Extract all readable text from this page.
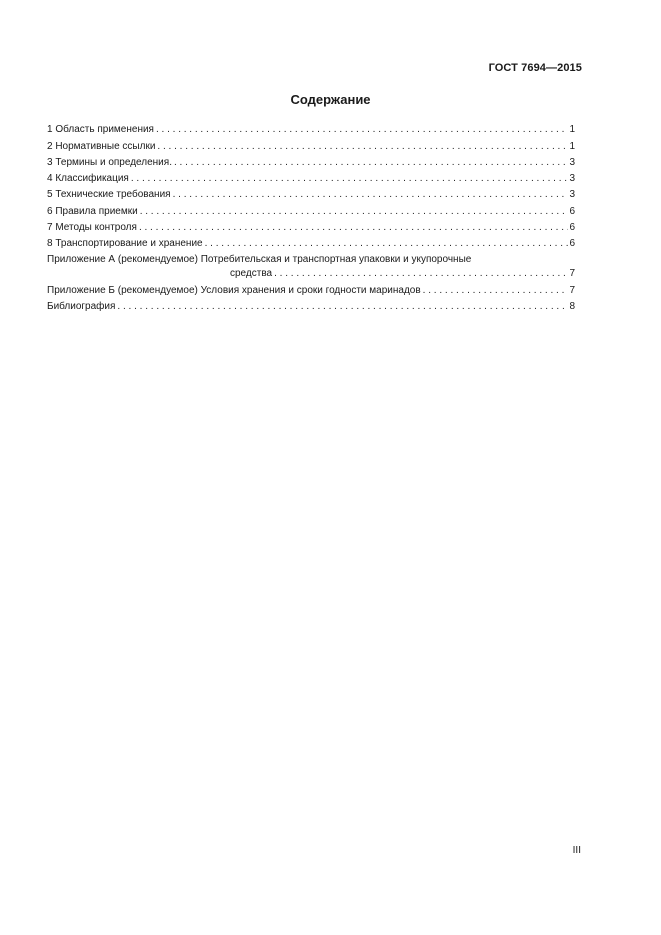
ГОСТ 7694—2015
Содержание
1 Область применения . . .	1
2 Нормативные ссылки . . .	1
3 Термины и определения. . . .	3
4 Классификация . . .	3
5 Технические требования . . .	3
6 Правила приемки . . .	6
7 Методы контроля . . .	6
8 Транспортирование и хранение . . .	6
Приложение А (рекомендуемое) Потребительская и транспортная упаковки и укупорочные
средства . . .	7
Приложение Б (рекомендуемое) Условия хранения и сроки годности маринадов . . .	7
Библиография . . .	8
III
